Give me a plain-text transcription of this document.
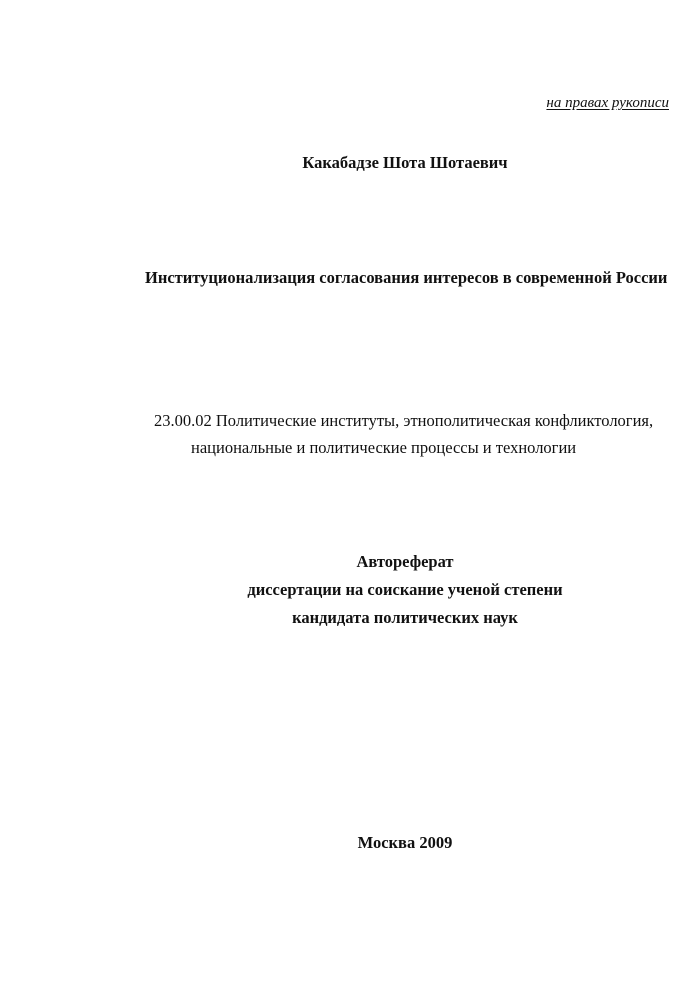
на правах рукописи
Какабадзе Шота Шотаевич
Институционализация согласования интересов в современной России
23.00.02 Политические институты, этнополитическая конфликтология,
национальные и политические процессы и технологии
Автореферат
диссертации на соискание ученой степени
кандидата политических наук
Москва 2009
